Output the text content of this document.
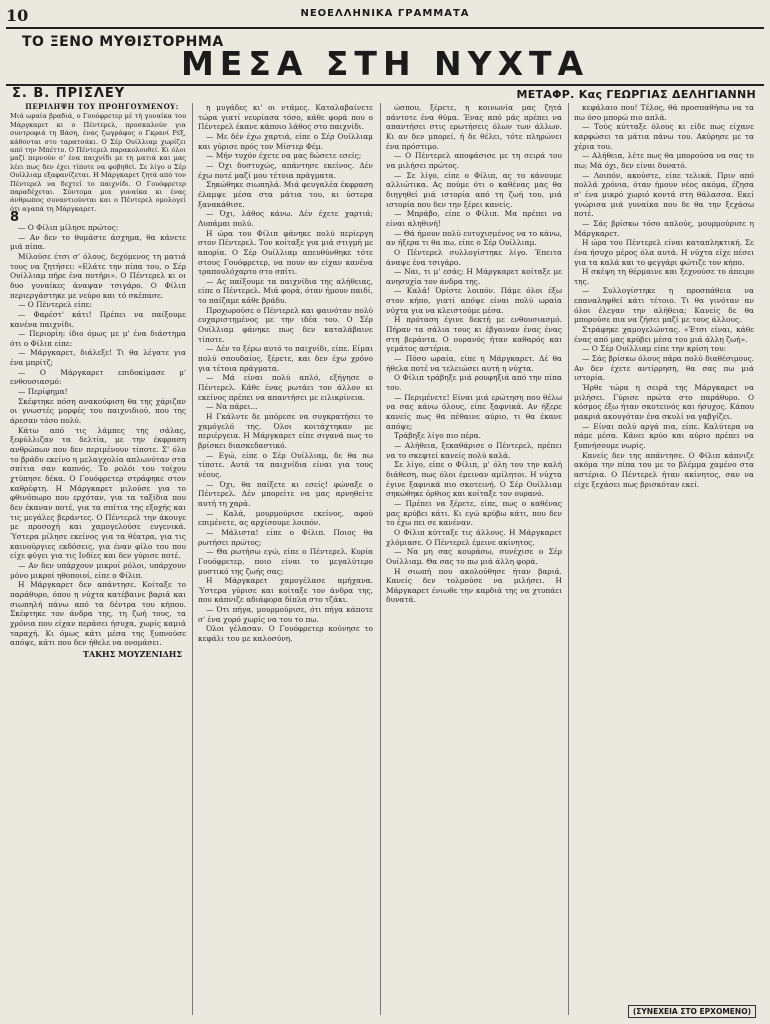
10	ΝΕΟΕΛΛΗΝΙΚΑ ΓΡΑΜΜΑΤΑ
ΤΟ ΞΕΝΟ ΜΥΘΙΣΤΟΡΗΜΑ
ΜΕΣΑ ΣΤΗ ΝΥΧΤΑ
Σ. Β. ΠΡΙΣΛΕΥ	ΜΕΤΑΦΡ. Κας ΓΕΩΡΓΙΑΣ ΔΕΛΗΓΙΑΝΝΗ

ΠΕΡΙΛΗΨΗ ΤΟΥ ΠΡΟΗΓΟΥΜΕΝΟΥ:
Μιά ωραία βραδιά, ο Γουόφρετερ μέ τή γυναίκα του Μάργκαρετ κι ο Πέντερελ, προσκαλούν για συντροφιά τη Βάση, ένας ζωγράφος ο Γκρανί Ρέξ, κάθονται στο ταρατσάκι. Ο Σέρ Ουίλλιαμ χωρίζει από την Μπέττυ. Ο Πέντερελ παρακολουθεί. Κι όλοι μαζί περνούν σ' ένα παιχνίδι με τη ματιά και μας λέει πως δεν έχει τίποτε να φοβηθεί. Σε λίγο ο Σέρ Ουίλλιαμ εξαφανίζεται. Η Μάργκαρετ ζητά από τον Πέντερελ να δεχτεί το παιχνίδι. Ο Γουόφρετερ παραδέχεται. Σύντομα μια γυναίκα κι ένας άνθρωπος συναντιούνται και ο Πέντερελ ομολογεί ότι αγαπά τη Μάργκαρετ.

8

— Ο Φίλιπ μίλησε πρώτος:

— Αν δεν το θυμάστε άσχημα, θα κάνετε μιά πίπα.

Μίλούσε έτσι σ' όλους, δεχόμενος τη ματιά τους να ζητήσει: «Ελάτε την πίπα του, ο Σέρ Ουίλλιαμ πήρε ένα ποτήρι». Ο Πέντερελ κι οι δυο γυναίκες άναψαν τσιγάρο. Ο Φίλιπ περιεργάστηκε με νεύρο και τό σκέπασε.

— Ο Πέντερελ είπε:

— Φαρέστ' κάτι! Πρέπει να παίξουμε κανένα παιχνίδι.

— Περιορίη: ίδιο όμως με μ' ένα διάστημα ότι ο Φίλιπ είπε:

— Μάργκαρετ, διάλεξε! Τι θα λέγατε για ένα μπρίτζ;

— Ο Μάργκαρετ επιδοκίμασε μ' ενθουσιασμό:

— Περίφημα!

Σκέφτηκε πόση ανακούφιση θα της χάριζαν οι γνωστές μορφές του παιχνιδιού, που της άρεσαν τόσο πολύ.

Κάτω από τις λάμπες της σάλας, ξεφύλλιζαν τα δελτία, με την έκφραση ανθρώπων που δεν περιμένουν τίποτε. Σ' όλο το βράδυ εκείνο η μελαγχολία απλωνόταν στα σπίτια σαν καπνός. Το ρολόι του τοίχου χτύπησε δέκα. Ο Γουόφρετερ στράφηκε στον καθρέφτη. Η Μάργκαρετ μιλούσε για το φθινόπωρο που ερχόταν, για τα ταξίδια που δεν έκαναν ποτέ, για τα σπίτια της εξοχής και τις μεγάλες βεράντες. Ο Πέντερελ την άκουγε με προσοχή και χαμογελούσε ευγενικά. Ύστερα μίλησε εκείνος για τα θέατρα, για τις καινούργιες εκδόσεις, για έναν φίλο του που είχε φύγει για τις Ινδίες και δεν γύρισε ποτέ.

— Αν δεν υπάρχουν μικροί ρόλοι, υπάρχουν μόνο μικροί ηθοποιοί, είπε ο Φίλιπ.

Η Μάργκαρετ δεν απάντησε. Κοίταξε το παράθυρο, όπου η νύχτα κατέβαινε βαριά και σιωπηλή πάνω από τα δέντρα του κήπου. Σκέφτηκε τον άνδρα της, τη ζωή τους, τα χρόνια που είχαν περάσει ήσυχα, χωρίς καμιά ταραχή. Κι όμως κάτι μέσα της ξυπνούσε απόψε, κάτι που δεν ήθελε να ονομάσει.

ΤΑΚΗΣ ΜΟΥΖΕΝΙΔΗΣ

η μυγάδες κι' οι ντάμες. Καταλαβαίνετε τώρα γιατί νευρίασα τόσο, κάθε φορά που ο Πέντερελ έκανε κάποιο λάθος στο παιχνίδι.

— Με δέν έχω χαρτιά, είπε ο Σέρ Ουίλλιαμ και γύρισε πρός τον Μίστερ Φέμ.

— Μήν τυχόν έχετε να μας δώσετε εσείς;

— Όχι δυστυχώς, απάντησε εκείνος. Δέν έχω ποτέ μαζί μου τέτοια πράγματα.

Σηκώθηκε σιωπηλά. Μιά φευγαλέα έκφραση έλαμψε μέσα στα μάτια του, κι ύστερα ξανακάθισε.

— Όχι, λάθος κάνω. Δέν έχετε χαρτιά; Λυπάμαι πολύ.

Η ώρα του Φίλιπ φάνηκε πολύ περίεργη στον Πέντερελ. Τον κοίταξε για μιά στιγμή με απορία. Ο Σέρ Ουίλλιαμ απευθύνθηκε τότε στους Γουόφρετερ, να πουν αν είχαν κανένα τραπουλόχαρτο στο σπίτι.

— Ας παίξουμε τα παιχνίδια της αλήθειας, είπε ο Πέντερελ. Μιά φορά, όταν ήμουν παιδί, το παίζαμε κάθε βράδυ.

Προχωρούσε ο Πέντερελ και φαινόταν πολύ ευχαριστημένος με την ιδέα του. Ο Σέρ Ουίλλιαμ φάνηκε πως δεν καταλάβαινε τίποτε.

— Δέν το ξέρω αυτό το παιχνίδι, είπε. Είμαι πολύ σπουδαίος, ξέρετε, και δεν έχω χρόνο για τέτοια πράγματα.

— Μά είναι πολύ απλό, εξήγησε ο Πέντερελ. Κάθε ένας ρωτάει τον άλλον κι εκείνος πρέπει να απαντήσει με ειλικρίνεια.

— Να πάρει...

Η Γκάλντε δε μπόρεσε να συγκρατήσει το χαμόγελό της. Όλοι κοιτάχτηκαν με περιέργεια. Η Μάργκαρετ είπε σιγανά πως το βρίσκει διασκεδαστικό.

— Εγώ, είπε ο Σέρ Ουίλλιαμ, δε θα πω τίποτε. Αυτά τα παιχνίδια είναι για τους νέους.

— Όχι, θα παίξετε κι εσείς! φώναξε ο Πέντερελ. Δέν μπορείτε να μας αρνηθείτε αυτή τη χαρά.

— Καλά, μουρμούρισε εκείνος, αφού επιμένετε, ας αρχίσουμε λοιπόν.

— Μάλιστα! είπε ο Φίλιπ. Ποιος θα ρωτήσει πρώτος;

— Θα ρωτήσω εγώ, είπε ο Πέντερελ. Κυρία Γουόφρετερ, ποιο είναι το μεγαλύτερο μυστικό της ζωής σας;

Η Μάργκαρετ χαμογέλασε αμήχανα. Ύστερα γύρισε και κοίταξε τον άνδρα της, που κάπνιζε αδιάφορα δίπλα στο τζάκι.

— Ότι πήγα, μουρμούρισε, ότι πήγα κάποτε σ' ένα χορό χωρίς να του το πω.

Όλοι γέλασαν. Ο Γουόφρετερ κούνησε το κεφάλι του με καλοσύνη.

ώσπου, ξέρετε, η κοινωνία μας ζητά πάντοτε ένα θύμα. Ένας από μάς πρέπει να απαντήσει στις ερωτήσεις όλων των άλλων. Κι αν δεν μπορεί, ή δε θέλει, τότε πληρώνει ένα πρόστιμο.

— Ο Πέντερελ αποφάσισε με τη σειρά του να μιλήσει πρώτος.

— Σε λίγο, είπε ο Φίλιπ, ας το κάνουμε αλλιώτικα. Ας πούμε ότι ο καθένας μας θα διηγηθεί μιά ιστορία από τη ζωή του, μιά ιστορία που δεν την ξέρει κανείς.

— Μπράβο, είπε ο Φίλιπ. Μα πρέπει να είναι αληθινή!

— Θά ήμουν πολύ ευτυχισμένος να το κάνω, αν ήξερα τι θα πω, είπε ο Σέρ Ουίλλιαμ.

Ο Πέντερελ συλλογίστηκε λίγο. Έπειτα άναψε ένα τσιγάρο.

— Ναι, τι μ' εσάς; Η Μάργκαρετ κοίταξε με ανησυχία τον άνδρα της.

— Καλά! Όρίστε λοιπόν. Πάμε όλοι έξω στον κήπο, γιατί απόψε είναι πολύ ωραία νύχτα για να κλειστούμε μέσα.

Η πρόταση έγινε δεκτή με ενθουσιασμό. Πήραν τα σάλια τους κι έβγαιναν ένας ένας στη βεράντα. Ο ουρανός ήταν καθαρός και γεμάτος αστέρια.

— Πόσο ωραία, είπε η Μάργκαρετ. Δέ θα ήθελα ποτέ να τελειώσει αυτή η νύχτα.

Ο Φίλιπ τράβηξε μιά ρουφηξιά από την πίπα του.

— Περιμένετε! Είναι μιά ερώτηση που θέλω να σας κάνω όλους, είπε ξαφνικά. Αν ήξερε κανείς πως θα πέθαινε αύριο, τι θα έκανε απόψε;

Τράβηξε λίγο πιο πέρα.

— Αλήθεια, ξεκαθάρισε ο Πέντερελ, πρέπει να το σκεφτεί κανείς πολύ καλά.

Σε λίγο, είπε ο Φίλιπ, μ' όλη του την καλή διάθεση, πως όλοι έμειναν αμίλητοι. Η νύχτα έγινε ξαφνικά πιο σκοτεινή. Ο Σέρ Ουίλλιαμ σηκώθηκε όρθιος και κοίταξε τον ουρανό.

— Πρέπει να ξέρετε, είπε, πως ο καθένας μας κρύβει κάτι. Κι εγώ κρύβω κάτι, που δεν το έχω πει σε κανέναν.

Ο Φίλιπ κύτταξε τις άλλους. Η Μάργκαρετ χλόμιασε. Ο Πέντερελ έμεινε ακίνητος.

— Να μη σας κουράσω, συνέχισε ο Σέρ Ουίλλιαμ. Θα σας το πω μιά άλλη φορά.

Η σιωπή που ακολούθησε ήταν βαριά. Κανείς δεν τολμούσε να μιλήσει. Η Μάργκαρετ ένιωθε την καρδιά της να χτυπάει δυνατά.

κεφάλαιο που! Τέλος, θά προσπαθήσω να τα πω όσο μπορώ πιο απλά.

— Τούς κύτταξε όλους κι είδε πως είχανε καρφώσει τα μάτια πάνω του. Ακύρησε με τα χέρια του.

— Αλήθεια, λέτε πως θα μπορούσα να σας το πω; Μά όχι, δεν είναι δυνατό.

— Λοιπόν, ακούστε, είπε τελικά. Πριν από πολλά χρόνια, όταν ήμουν νέος ακόμα, έζησα σ' ένα μικρό χωριό κοντά στη θάλασσα. Εκεί γνώρισα μιά γυναίκα που δε θα την ξεχάσω ποτέ.

— Σάς βρίσκω τόσο απλούς, μουρμούρισε η Μάργκαρετ.

Η ώρα του Πέντερελ είναι καταπληκτική. Σε ένα ήσυχο μέρος όλα αυτά. Η νύχτα είχε πέσει για τα καλά και το φεγγάρι φώτιζε τον κήπο.

Η σκέψη τη θέρμαινε και ξεχνούσε το άπειρο της.

— Συλλογίστηκε η προσπάθεια να επαναληφθεί κάτι τέτοιο. Τι θα γινόταν αν όλοι έλεγαν την αλήθεια; Κανείς δε θα μπορούσε πια να ζήσει μαζί με τους άλλους.

Στράφηκε χαμογελώντας. «Έτσι είναι, κάθε ένας από μας κρύβει μέσα του μιά άλλη ζωή».

— Ο Σέρ Ουίλλιαμ είπε την κρίση του:

— Σάς βρίσκω όλους πάρα πολύ διαθέσιμους. Αν δεν έχετε αντίρρηση, θα σας πω μιά ιστορία.

Ήρθε τώρα η σειρά της Μάργκαρετ να μιλήσει. Γύρισε πρώτα στο παράθυρο. Ο κόσμος έξω ήταν σκοτεινός και ήσυχος. Κάπου μακριά ακουγόταν ένα σκυλί να γαβγίζει.

— Είναι πολύ αργά πια, είπε. Καλύτερα να πάμε μέσα. Κάνει κρύο και αύριο πρέπει να ξυπνήσουμε νωρίς.

Κανείς δεν της απάντησε. Ο Φίλιπ κάπνιζε ακόμα την πίπα του με το βλέμμα χαμένο στα αστέρια. Ο Πέντερελ ήταν ακίνητος, σαν να είχε ξεχάσει πως βρισκόταν εκεί.

(ΣΥΝΕΧΕΙΑ ΣΤΟ ΕΡΧΟΜΕΝΟ)
